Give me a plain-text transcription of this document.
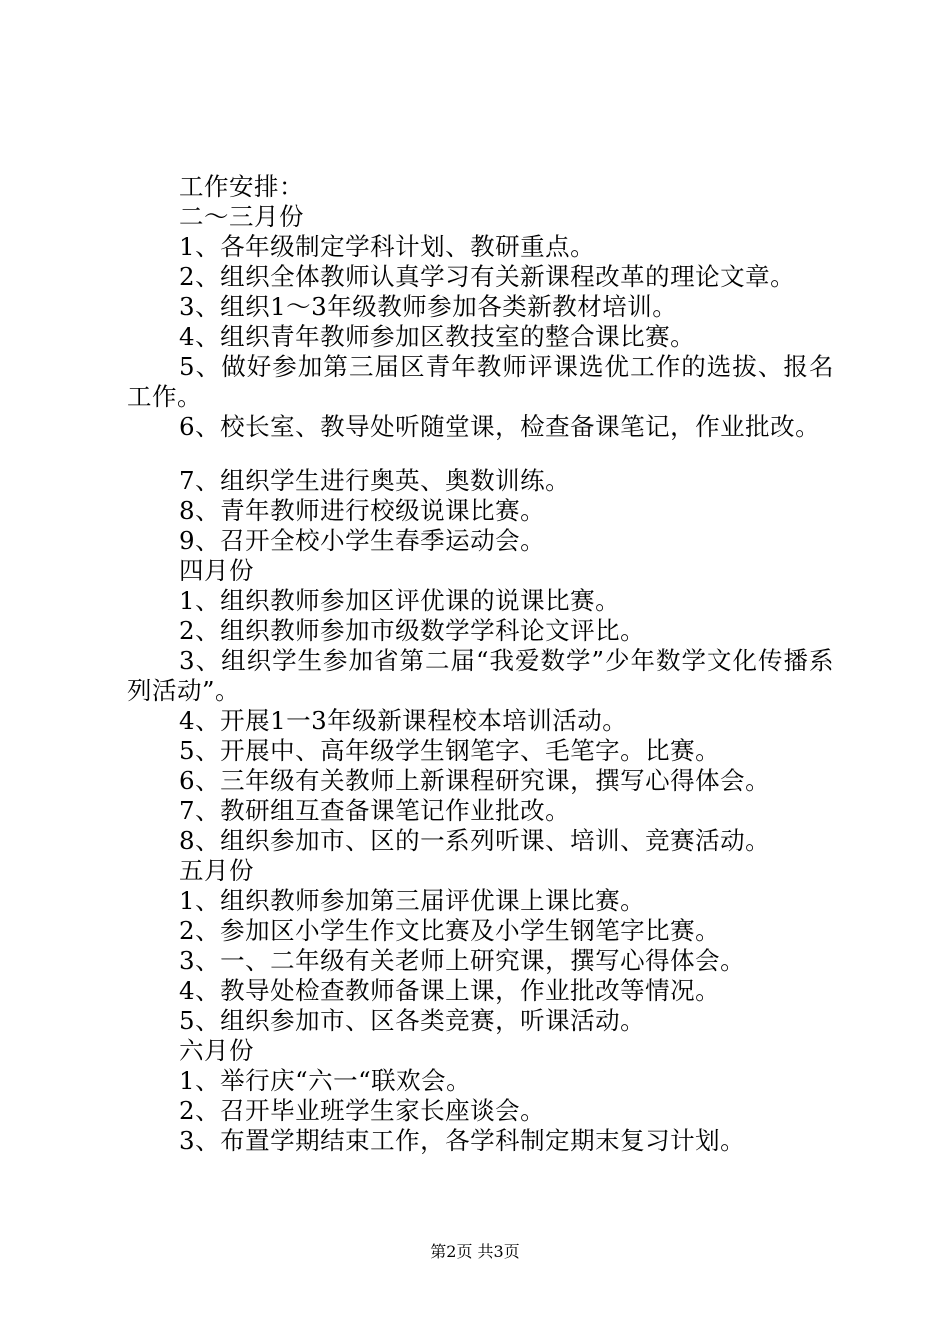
工作安排：
二～三月份
1、各年级制定学科计划、教研重点。
2、组织全体教师认真学习有关新课程改革的理论文章。
3、组织1～3年级教师参加各类新教材培训。
4、组织青年教师参加区教技室的整合课比赛。
5、做好参加第三届区青年教师评课选优工作的选拔、报名工作。
6、校长室、教导处听随堂课，检查备课笔记，作业批改。
7、组织学生进行奥英、奥数训练。
8、青年教师进行校级说课比赛。
9、召开全校小学生春季运动会。
四月份
1、组织教师参加区评优课的说课比赛。
2、组织教师参加市级数学学科论文评比。
3、组织学生参加省第二届“我爱数学”少年数学文化传播系列活动”。
4、开展1一3年级新课程校本培训活动。
5、开展中、高年级学生钢笔字、毛笔字。比赛。
6、三年级有关教师上新课程研究课，撰写心得体会。
7、教研组互查备课笔记作业批改。
8、组织参加市、区的一系列听课、培训、竞赛活动。
五月份
1、组织教师参加第三届评优课上课比赛。
2、参加区小学生作文比赛及小学生钢笔字比赛。
3、一、二年级有关老师上研究课，撰写心得体会。
4、教导处检查教师备课上课，作业批改等情况。
5、组织参加市、区各类竞赛，听课活动。
六月份
1、举行庆“六一“联欢会。
2、召开毕业班学生家长座谈会。
3、布置学期结束工作，各学科制定期末复习计划。
第2页 共3页
